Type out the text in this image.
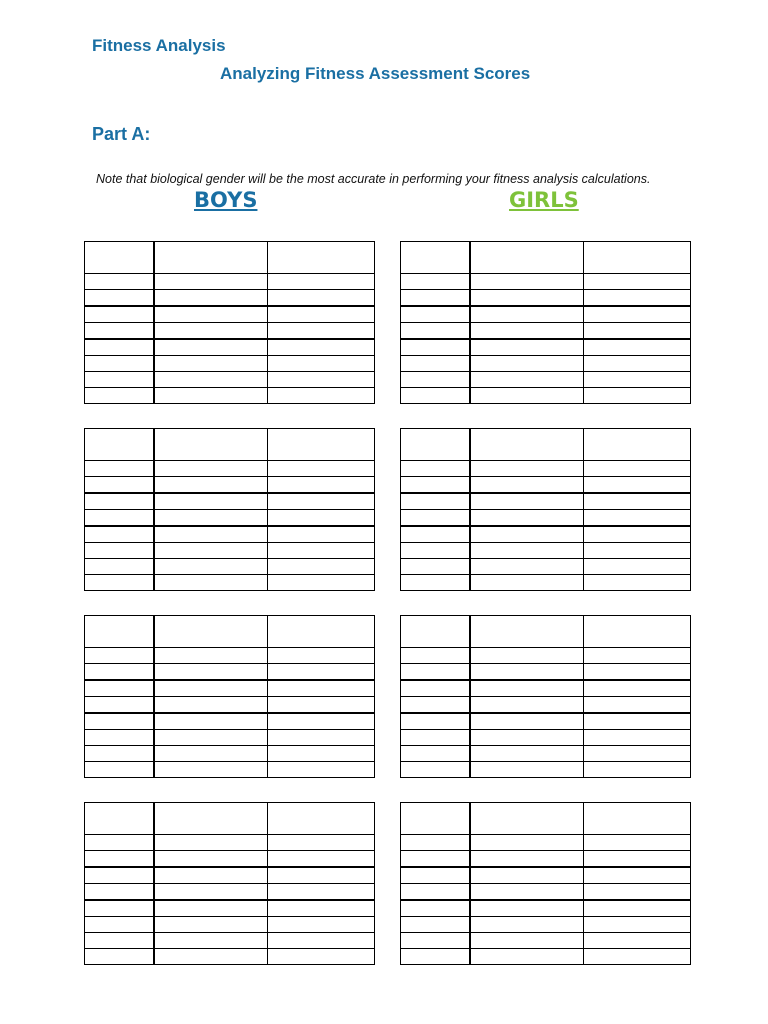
Fitness Analysis
Analyzing Fitness Assessment Scores
Part A:
Note that biological gender will be the most accurate in performing your fitness analysis calculations.
BOYS	GIRLS
